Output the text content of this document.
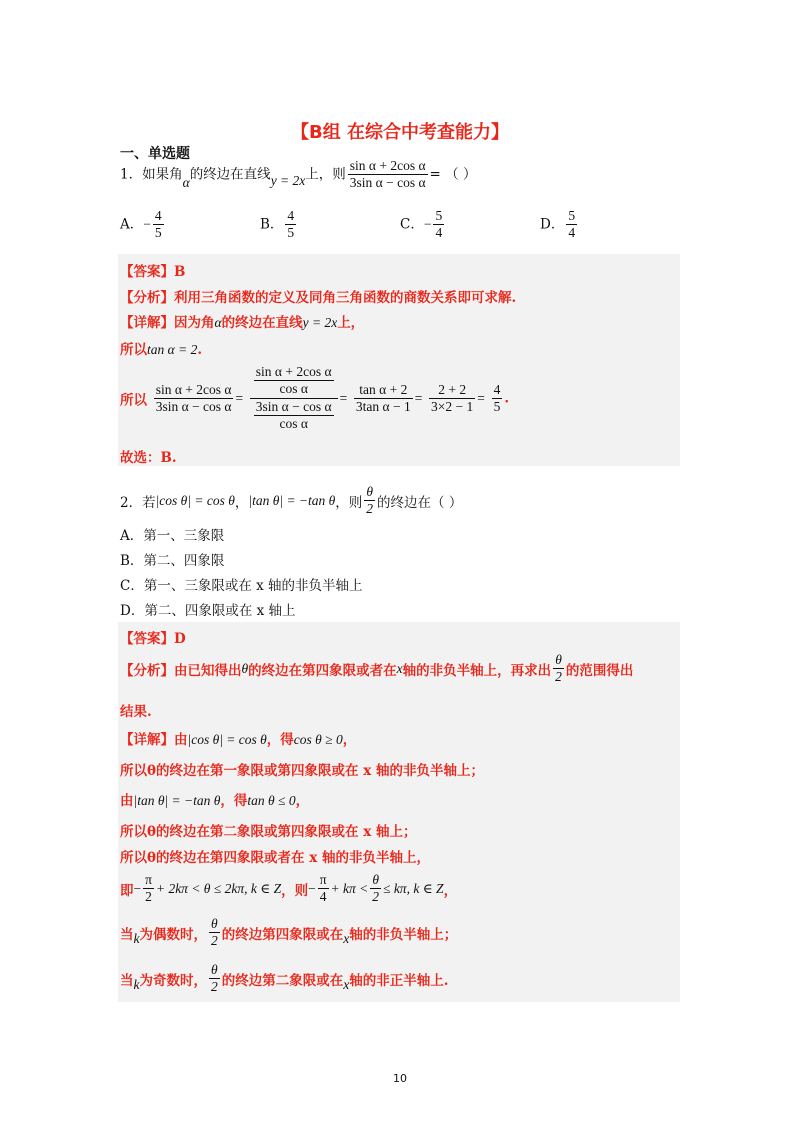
【B组 在综合中考查能力】
一、单选题
1．如果角α的终边在直线y = 2x上，则 $\frac{\text{sin α + 2cos α}}{\text{3sin α − cos α}}$ = （ ）
A．− $\frac{4}{5}$	B． $\frac{4}{5}$	C．− $\frac{5}{4}$	D． $\frac{5}{4}$
【答案】B
【分析】利用三角函数的定义及同角三角函数的商数关系即可求解.
【详解】因为角α的终边在直线y = 2x上，
所以tan α = 2.
所以 $\frac{\text{sin α + 2cos α}}{\text{3sin α − cos α}} = \frac{\frac{\text{sin α + 2cos α}}{\text{cos α}}}{\frac{\text{3sin α − cos α}}{\text{cos α}}} = \frac{\text{tan α + 2}}{\text{3tan α − 1}} = \frac{2 + 2}{3\times 2 - 1} = \frac{4}{5}$ .
故选：B.
2．若|cos θ| = cos θ，|tan θ| = −tan θ，则 $\frac{\theta}{2}$ 的终边在（ ）
A．第一、三象限
B．第二、四象限
C．第一、三象限或在 x 轴的非负半轴上
D．第二、四象限或在 x 轴上
【答案】D
【分析】由已知得出θ的终边在第四象限或者在x轴的非负半轴上，再求出 $\frac{\theta}{2}$ 的范围得出
结果.
【详解】由|cos θ| = cos θ，得cos θ ≥ 0，
所以θ的终边在第一象限或第四象限或在 x 轴的非负半轴上；
由|tan θ| = −tan θ，得tan θ ≤ 0，
所以θ的终边在第二象限或第四象限或在 x 轴上；
所以θ的终边在第四象限或者在 x 轴的非负半轴上，
即− $\frac{\pi}{2} + 2k\pi < \theta \le 2k\pi$, k ∈ Z，则− $\frac{\pi}{4} + k\pi < \frac{\theta}{2} \le k\pi$, k ∈ Z，
当k为偶数时， $\frac{\theta}{2}$ 的终边第四象限或在x轴的非负半轴上；
当k为奇数时， $\frac{\theta}{2}$ 的终边第二象限或在x轴的非正半轴上.
10
